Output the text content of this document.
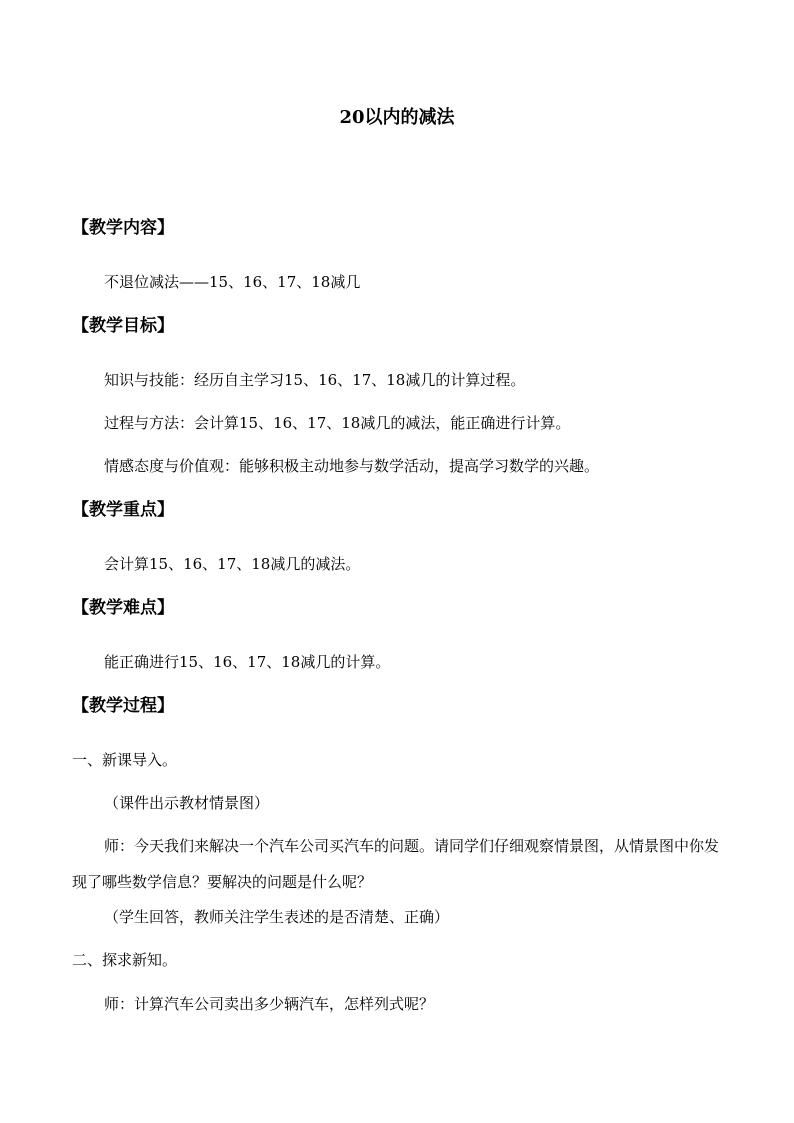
20以内的减法
【教学内容】
不退位减法——15、16、17、18减几
【教学目标】
知识与技能：经历自主学习15、16、17、18减几的计算过程。
过程与方法：会计算15、16、17、18减几的减法，能正确进行计算。
情感态度与价值观：能够积极主动地参与数学活动，提高学习数学的兴趣。
【教学重点】
会计算15、16、17、18减几的减法。
【教学难点】
能正确进行15、16、17、18减几的计算。
【教学过程】
一、新课导入。
（课件出示教材情景图）
师：今天我们来解决一个汽车公司买汽车的问题。请同学们仔细观察情景图，从情景图中你发现了哪些数学信息？要解决的问题是什么呢？
（学生回答，教师关注学生表述的是否清楚、正确）
二、探求新知。
师：计算汽车公司卖出多少辆汽车，怎样列式呢？
